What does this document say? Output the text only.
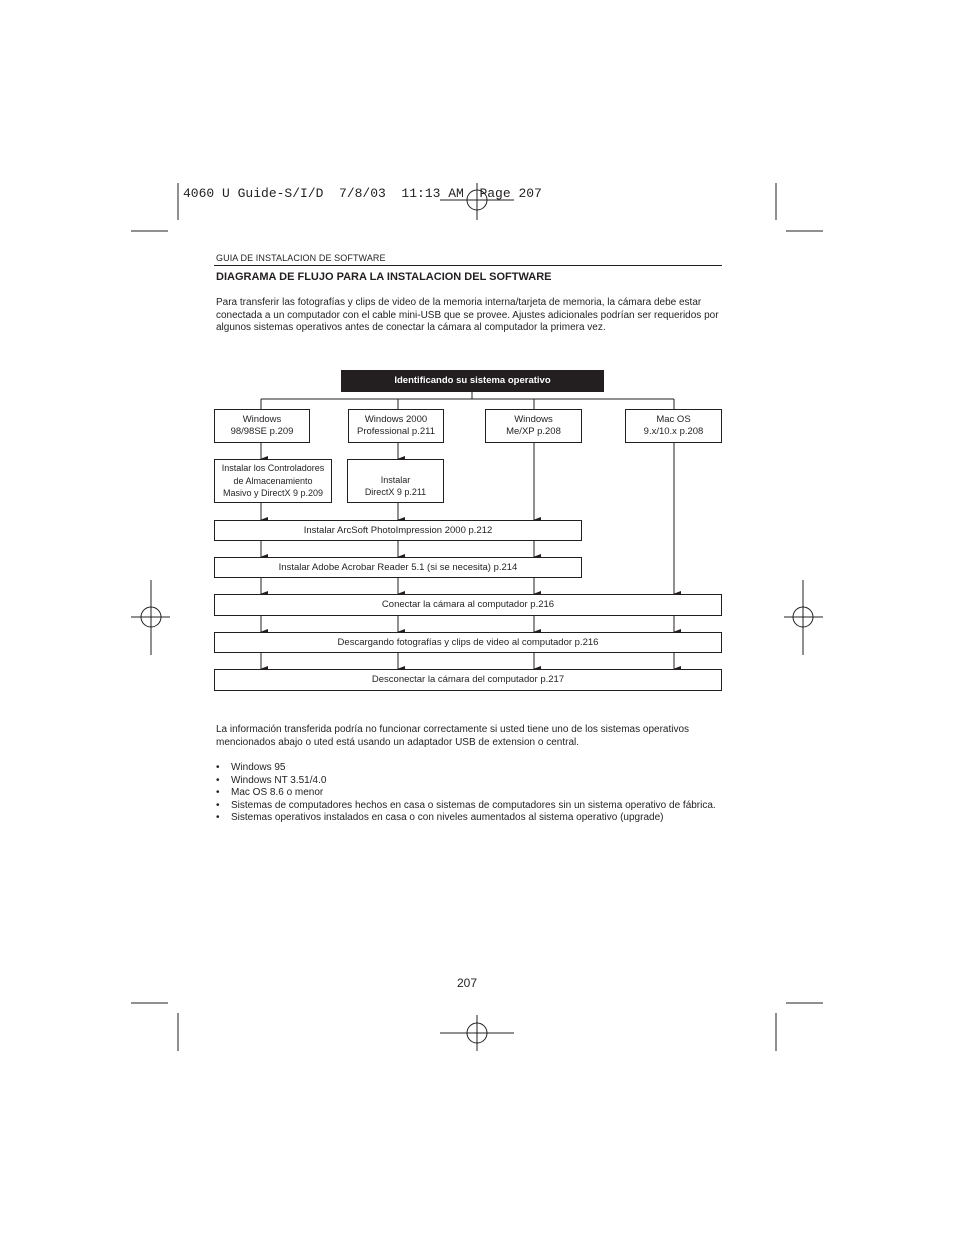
4060 U Guide-S/I/D  7/8/03  11:13 AM  Page 207
GUIA DE INSTALACION DE SOFTWARE
DIAGRAMA DE FLUJO PARA LA INSTALACION DEL SOFTWARE
Para transferir las fotografías y clips de video de la memoria interna/tarjeta de memoria, la cámara debe estar conectada a un computador con el cable mini-USB que se provee. Ajustes adicionales podrían ser requeridos por algunos sistemas operativos antes de conectar la cámara al computador la primera vez.
Identificando su sistema operativo
Windows
98/98SE p.209
Windows 2000
Professional p.211
Windows
Me/XP p.208
Mac OS
9.x/10.x p.208
Instalar los Controladores
de Almacenamiento
Masivo y DirectX 9 p.209
Instalar
DirectX 9 p.211
Instalar ArcSoft PhotoImpression 2000 p.212
Instalar Adobe Acrobar Reader 5.1 (si se necesita) p.214
Conectar la cámara al computador p.216
Descargando fotografías y clips de video al computador p.216
Desconectar la cámara del computador p.217
La información transferida podría no funcionar correctamente si usted tiene uno de los sistemas operativos mencionados abajo o uted está usando un adaptador USB de extension o central.
• Windows 95
• Windows NT 3.51/4.0
• Mac OS 8.6 o menor
• Sistemas de computadores hechos en casa o sistemas de computadores sin un sistema operativo de fábrica.
• Sistemas operativos instalados en casa o con niveles aumentados al sistema operativo (upgrade)
207
